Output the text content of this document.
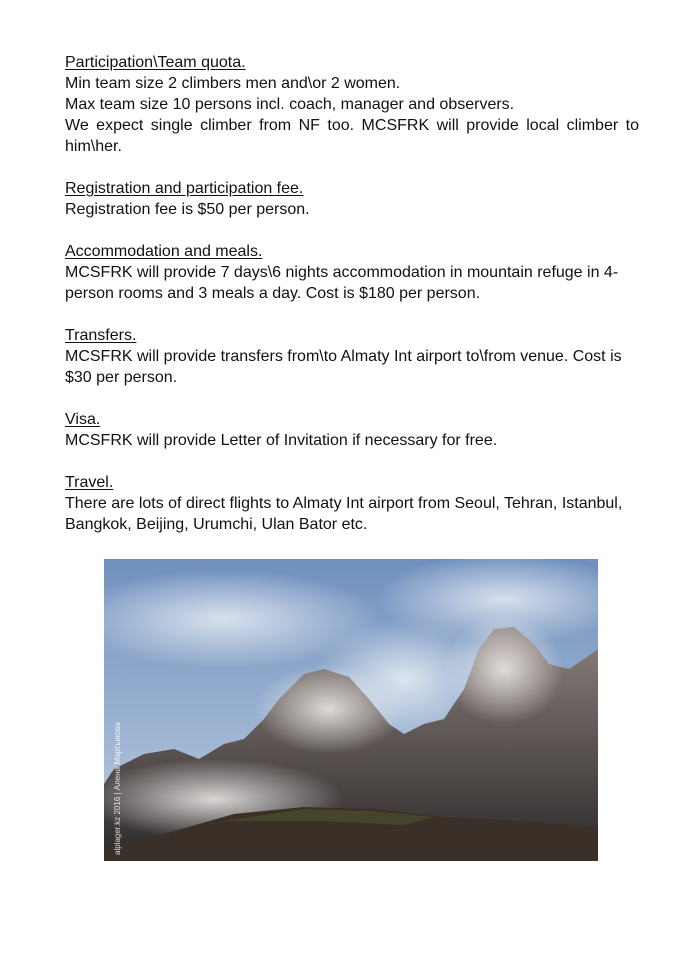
Participation\Team quota.
Min team size 2 climbers men and\or 2 women.
Max team size 10 persons incl. coach, manager and observers.
We expect single climber from NF too. MCSFRK will provide local climber to him\her.
Registration and participation fee.
Registration fee is $50 per person.
Accommodation and meals.
MCSFRK will provide 7 days\6 nights accommodation in mountain refuge in 4-person rooms and 3 meals a day. Cost is $180 per person.
Transfers.
MCSFRK will provide transfers from\to Almaty Int airport to\from venue. Cost is $30 per person.
Visa.
MCSFRK will provide Letter of Invitation if necessary for free.
Travel.
There are lots of direct flights to Almaty Int airport from Seoul, Tehran, Istanbul, Bangkok, Beijing, Urumchi, Ulan Bator etc.
alplager.kz 2016 | Алена Мартынова
